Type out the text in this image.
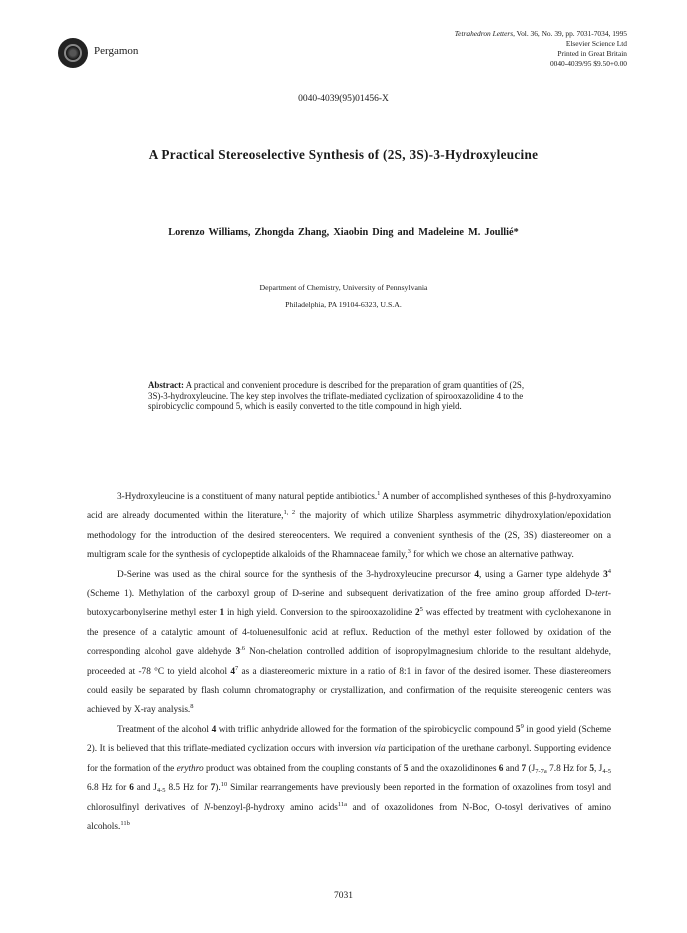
Pergamon
Tetrahedron Letters, Vol. 36, No. 39, pp. 7031-7034, 1995
Elsevier Science Ltd
Printed in Great Britain
0040-4039/95 $9.50+0.00
0040-4039(95)01456-X
A Practical Stereoselective Synthesis of (2S, 3S)-3-Hydroxyleucine
Lorenzo Williams, Zhongda Zhang, Xiaobin Ding and Madeleine M. Joullié*
Department of Chemistry, University of Pennsylvania
Philadelphia, PA 19104-6323, U.S.A.
Abstract: A practical and convenient procedure is described for the preparation of gram quantities of (2S, 3S)-3-hydroxyleucine. The key step involves the triflate-mediated cyclization of spirooxazolidine 4 to the spirobicyclic compound 5, which is easily converted to the title compound in high yield.

3-Hydroxyleucine is a constituent of many natural peptide antibiotics.$^1$ A number of accomplished syntheses of this β-hydroxyamino acid are already documented within the literature,$^{1, 2}$ the majority of which utilize Sharpless asymmetric dihydroxylation/epoxidation methodology for the introduction of the desired stereocenters. We required a convenient synthesis of the (2S, 3S) diastereomer on a multigram scale for the synthesis of cyclopeptide alkaloids of the Rhamnaceae family,$^3$ for which we chose an alternative pathway.

D-Serine was used as the chiral source for the synthesis of the 3-hydroxyleucine precursor 4, using a Garner type aldehyde $3^4$ (Scheme 1). Methylation of the carboxyl group of D-serine and subsequent derivatization of the free amino group afforded D-tert-butoxycarbonylserine methyl ester 1 in high yield. Conversion to the spirooxazolidine $2^5$ was effected by treatment with cyclohexanone in the presence of a catalytic amount of 4-toluenesulfonic acid at reflux. Reduction of the methyl ester followed by oxidation of the corresponding alcohol gave aldehyde $3^{.6}$ Non-chelation controlled addition of isopropylmagnesium chloride to the resultant aldehyde, proceeded at -78 °C to yield alcohol $4^7$ as a diastereomeric mixture in a ratio of 8:1 in favor of the desired isomer. These diastereomers could easily be separated by flash column chromatography or crystallization, and confirmation of the requisite stereogenic centers was achieved by X-ray analysis.$^8$

Treatment of the alcohol 4 with triflic anhydride allowed for the formation of the spirobicyclic compound $5^9$ in good yield (Scheme 2). It is believed that this triflate-mediated cyclization occurs with inversion via participation of the urethane carbonyl. Supporting evidence for the formation of the erythro product was obtained from the coupling constants of 5 and the oxazolidinones 6 and 7 ($J_{7-7a}$ 7.8 Hz for 5, $J_{4-5}$ 6.8 Hz for 6 and $J_{4-5}$ 8.5 Hz for 7).$^{10}$ Similar rearrangements have previously been reported in the formation of oxazolines from tosyl and chlorosulfinyl derivatives of N-benzoyl-β-hydroxy amino acids$^{11a}$ and of oxazolidones from N-Boc, O-tosyl derivatives of amino alcohols.$^{11b}$

7031
